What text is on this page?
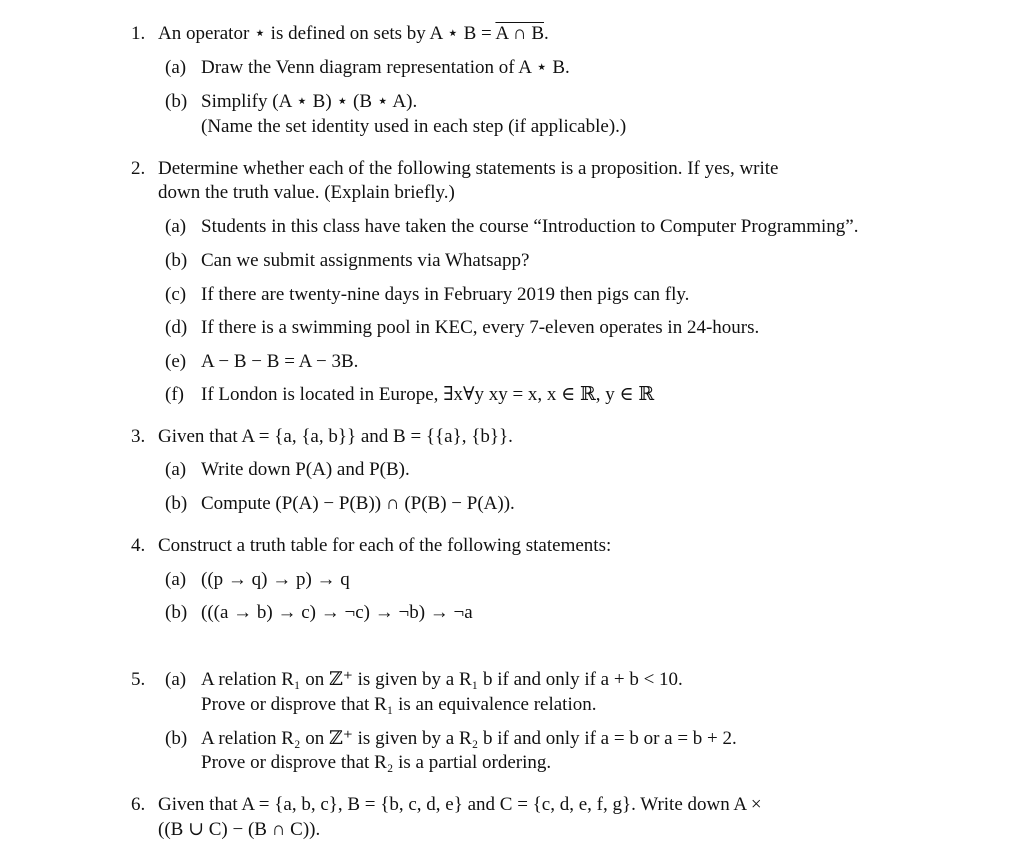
1. An operator ⋆ is defined on sets by A ⋆ B = A ∩ B.
(a) Draw the Venn diagram representation of A ⋆ B.
(b) Simplify (A ⋆ B) ⋆ (B ⋆ A).
(Name the set identity used in each step (if applicable).)
2. Determine whether each of the following statements is a proposition. If yes, write
down the truth value. (Explain briefly.)
(a) Students in this class have taken the course “Introduction to Computer Programming”.
(b) Can we submit assignments via Whatsapp?
(c) If there are twenty-nine days in February 2019 then pigs can fly.
(d) If there is a swimming pool in KEC, every 7-eleven operates in 24-hours.
(e) A − B − B = A − 3B.
(f) If London is located in Europe, ∃x∀y xy = x, x ∈ ℝ, y ∈ ℝ
3. Given that A = {a, {a, b}} and B = {{a}, {b}}.
(a) Write down P(A) and P(B).
(b) Compute (P(A) − P(B)) ∩ (P(B) − P(A)).
4. Construct a truth table for each of the following statements:
(a) ((p → q) → p) → q
(b) (((a → b) → c) → ¬c) → ¬b) → ¬a
5. (a) A relation R₁ on ℤ⁺ is given by a R₁ b if and only if a + b < 10.
Prove or disprove that R₁ is an equivalence relation.
(b) A relation R₂ on ℤ⁺ is given by a R₂ b if and only if a = b or a = b + 2.
Prove or disprove that R₂ is a partial ordering.
6. Given that A = {a, b, c}, B = {b, c, d, e} and C = {c, d, e, f, g}. Write down A ×
((B ∪ C) − (B ∩ C)).
